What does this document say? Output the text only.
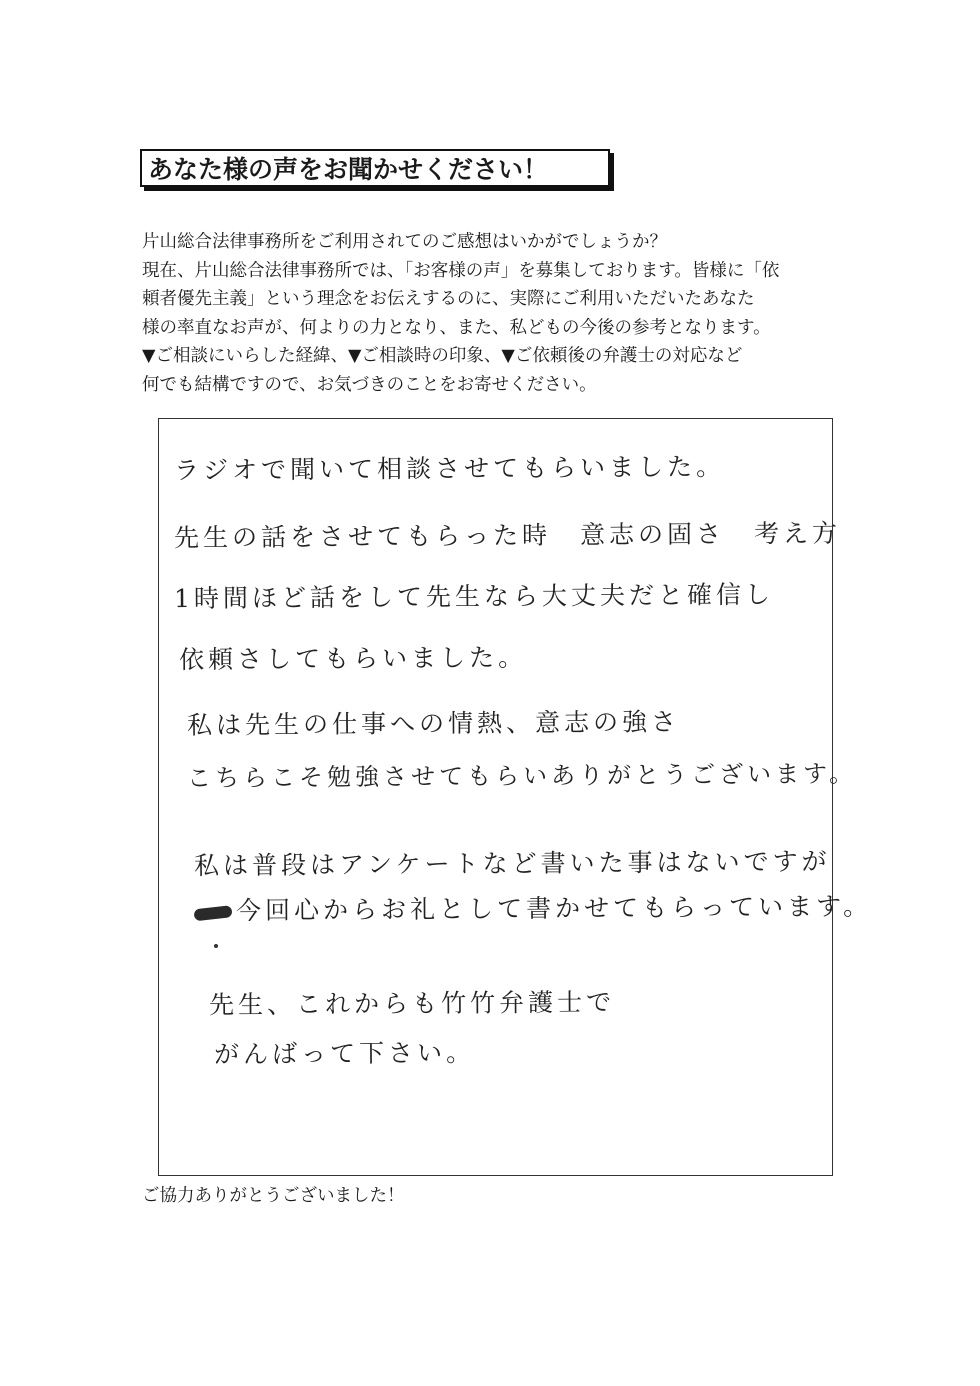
あなた様の声をお聞かせください！
片山総合法律事務所をご利用されてのご感想はいかがでしょうか？
現在、片山総合法律事務所では、「お客様の声」を募集しております。皆様に「依
頼者優先主義」という理念をお伝えするのに、実際にご利用いただいたあなた
様の率直なお声が、何よりの力となり、また、私どもの今後の参考となります。
▼ご相談にいらした経緯、▼ご相談時の印象、▼ご依頼後の弁護士の対応など
何でも結構ですので、お気づきのことをお寄せください。
ラジオで聞いて相談させてもらいました。
先生の話をさせてもらった時　意志の固さ　考え方
1時間ほど話をして先生なら大丈夫だと確信し
依頼さしてもらいました。
私は先生の仕事への情熱、意志の強さ
こちらこそ勉強させてもらいありがとうございます。
私は普段はアンケートなど書いた事はないですが
今回心からお礼として書かせてもらっています。
先生、これからも竹竹弁護士で
がんばって下さい。
ご協力ありがとうございました！
